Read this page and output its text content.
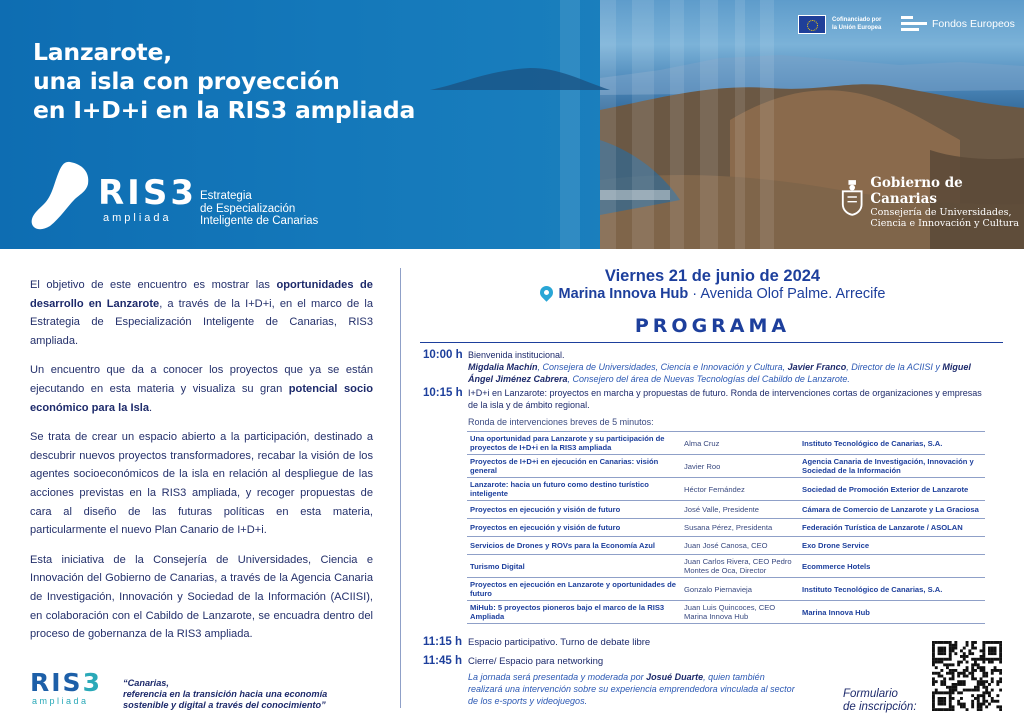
Lanzarote,
una isla con proyección
en I+D+i en la RIS3 ampliada
RIS3
ampliada
Estrategia
de Especialización
Inteligente de Canarias
Cofinanciado por
la Unión Europea	Fondos Europeos
Gobierno de Canarias
Consejería de Universidades,
Ciencia e Innovación y Cultura

El objetivo de este encuentro es mostrar las oportunidades de desarrollo en Lanzarote, a través de la I+D+i, en el marco de la Estrategia de Especialización Inteligente de Canarias, RIS3 ampliada.

Un encuentro que da a conocer los proyectos que ya se están ejecutando en esta materia y visualiza su gran potencial socio económico para la Isla.

Se trata de crear un espacio abierto a la participación, destinado a descubrir nuevos proyectos transformadores, recabar la visión de los agentes socioeconómicos de la isla en relación al despliegue de las acciones previstas en la RIS3 ampliada, y recoger propuestas de cara al diseño de las futuras políticas en esta materia, particularmente el nuevo Plan Canario de I+D+i.

Esta iniciativa de la Consejería de Universidades, Ciencia e Innovación del Gobierno de Canarias, a través de la Agencia Canaria de Investigación, Innovación y Sociedad de la Información (ACIISI), en colaboración con el Cabildo de Lanzarote, se encuadra dentro del proceso de gobernanza de la RIS3 ampliada.

RIS3
ampliada
“Canarias,
referencia en la transición hacia una economía
sostenible y digital a través del conocimiento”
Viernes 21 de junio de 2024
Marina Innova Hub · Avenida Olof Palme. Arrecife
PROGRAMA
10:00 h Bienvenida institucional.
Migdalia Machín, Consejera de Universidades, Ciencia e Innovación y Cultura, Javier Franco, Director de la ACIISI y Miguel Ángel Jiménez Cabrera, Consejero del área de Nuevas Tecnologías del Cabildo de Lanzarote.
10:15 h I+D+i en Lanzarote: proyectos en marcha y propuestas de futuro. Ronda de intervenciones cortas de organizaciones y empresas de la isla y de ámbito regional.
Ronda de intervenciones breves de 5 minutos:
Una oportunidad para Lanzarote y su participación de proyectos de I+D+i en la RIS3 ampliada	Alma Cruz	Instituto Tecnológico de Canarias, S.A.
Proyectos de I+D+i en ejecución en Canarias: visión general	Javier Roo	Agencia Canaria de Investigación, Innovación y Sociedad de la Información
Lanzarote: hacia un futuro como destino turístico inteligente	Héctor Fernández	Sociedad de Promoción Exterior de Lanzarote
Proyectos en ejecución y visión de futuro	José Valle, Presidente	Cámara de Comercio de Lanzarote y La Graciosa
Proyectos en ejecución y visión de futuro	Susana Pérez, Presidenta	Federación Turística de Lanzarote / ASOLAN
Servicios de Drones y ROVs para la Economía Azul	Juan José Canosa, CEO	Exo Drone Service
Turismo Digital	Juan Carlos Rivera, CEO Pedro Montes de Oca, Director	Ecommerce Hotels
Proyectos en ejecución en Lanzarote y oportunidades de futuro	Gonzalo Piernavieja	Instituto Tecnológico de Canarias, S.A.
MiHub: 5 proyectos pioneros bajo el marco de la RIS3 Ampliada	Juan Luis Quincoces, CEO Marina Innova Hub	Marina Innova Hub
11:15 h Espacio participativo. Turno de debate libre
11:45 h Cierre/ Espacio para networking
La jornada será presentada y moderada por Josué Duarte, quien también realizará una intervención sobre su experiencia emprendedora vinculada al sector de los e-sports y videojuegos.
Formulario
de inscripción:
